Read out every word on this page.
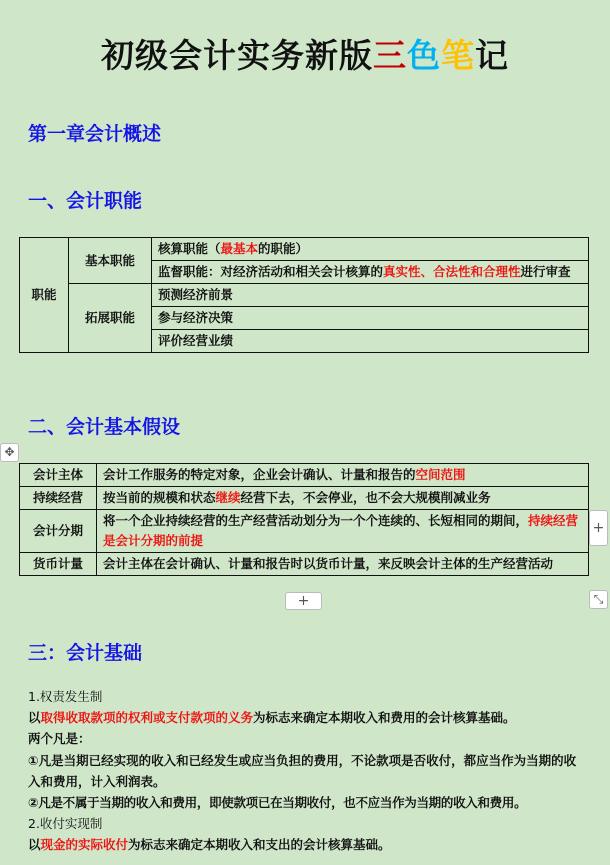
初级会计实务新版三色笔记
第一章会计概述
一、会计职能
职能	基本职能	核算职能（最基本的职能）
		监督职能：对经济活动和相关会计核算的真实性、合法性和合理性进行审查
	拓展职能	预测经济前景
		参与经济决策
		评价经营业绩
二、会计基本假设
✥
会计主体	会计工作服务的特定对象，企业会计确认、计量和报告的空间范围
持续经营	按当前的规模和状态继续经营下去，不会停业，也不会大规模削减业务
会计分期	将一个企业持续经营的生产经营活动划分为一个个连续的、长短相同的期间，持续经营是会计分期的前提
货币计量	会计主体在会计确认、计量和报告时以货币计量，来反映会计主体的生产经营活动
+
+	⤡
三：会计基础
1.权责发生制
以取得收取款项的权利或支付款项的义务为标志来确定本期收入和费用的会计核算基础。
两个凡是：
①凡是当期已经实现的收入和已经发生或应当负担的费用，不论款项是否收付，都应当作为当期的收入和费用，计入利润表。
②凡是不属于当期的收入和费用，即使款项已在当期收付，也不应当作为当期的收入和费用。
2.收付实现制
以现金的实际收付为标志来确定本期收入和支出的会计核算基础。
